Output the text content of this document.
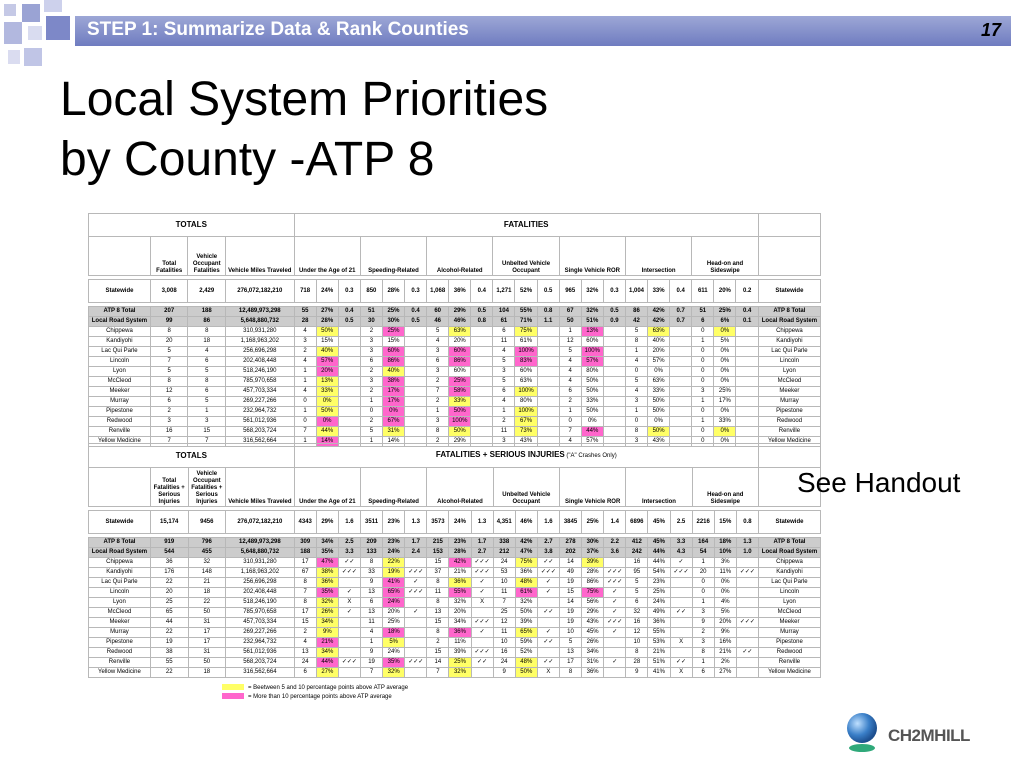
STEP 1: Summarize Data & Rank Counties	17
Local System Priorities
by County -ATP 8
TOTALS				FATALITIES																					
	Total Fatalities	Vehicle Occupant Fatalities	Vehicle Miles Traveled	Under the Age of 21			Speeding-Related			Alcohol-Related			Unbelted Vehicle Occupant			Single Vehicle ROR			Intersection			Head-on and Sideswipe			

Statewide	3,008	2,429	276,072,182,210	718	24%	0.3	850	28%	0.3	1,068	36%	0.4	1,271	52%	0.5	965	32%	0.3	1,004	33%	0.4	611	20%	0.2	Statewide

ATP 8 Total	207	188	12,489,973,298	55	27%	0.4	51	25%	0.4	60	29%	0.5	104	55%	0.8	67	32%	0.5	86	42%	0.7	51	25%	0.4	ATP 8 Total
Local Road System	99	86	5,648,880,732	28	28%	0.5	30	30%	0.5	46	46%	0.8	61	71%	1.1	50	51%	0.9	42	42%	0.7	6	6%	0.1	Local Road System
Chippewa	8	8	310,931,280	4	50%		2	25%		5	63%		6	75%		1	13%		5	63%		0	0%		Chippewa
Kandiyohi	20	18	1,168,963,202	3	15%		3	15%		4	20%		11	61%		12	60%		8	40%		1	5%		Kandiyohi
Lac Qui Parle	5	4	256,696,298	2	40%		3	60%		3	60%		4	100%		5	100%		1	20%		0	0%		Lac Qui Parle
Lincoln	7	6	202,408,448	4	57%		6	86%		6	86%		5	83%		4	57%		4	57%		0	0%		Lincoln
Lyon	5	5	518,246,190	1	20%		2	40%		3	60%		3	60%		4	80%		0	0%		0	0%		Lyon
McCleod	8	8	785,970,658	1	13%		3	38%		2	25%		5	63%		4	50%		5	63%		0	0%		McCleod
Meeker	12	6	457,703,334	4	33%		2	17%		7	58%		6	100%		6	50%		4	33%		3	25%		Meeker
Murray	6	5	269,227,266	0	0%		1	17%		2	33%		4	80%		2	33%		3	50%		1	17%		Murray
Pipestone	2	1	232,964,732	1	50%		0	0%		1	50%		1	100%		1	50%		1	50%		0	0%		Pipestone
Redwood	3	3	561,012,936	0	0%		2	67%		3	100%		2	67%		0	0%		0	0%		1	33%		Redwood
Renville	16	15	568,203,724	7	44%		5	31%		8	50%		11	73%		7	44%		8	50%		0	0%		Renville
Yellow Medicine	7	7	316,562,664	1	14%		1	14%		2	29%		3	43%		4	57%		3	43%		0	0%		Yellow Medicine
TOTALS				FATALITIES + SERIOUS INJURIES ("A" Crashes Only)																					
	Total Fatalities + Serious Injuries	Vehicle Occupant Fatalities + Serious Injuries	Vehicle Miles Traveled	Under the Age of 21			Speeding-Related			Alcohol-Related			Unbelted Vehicle Occupant			Single Vehicle ROR			Intersection			Head-on and Sideswipe			

Statewide	15,174	9456	276,072,182,210	4343	29%	1.6	3511	23%	1.3	3573	24%	1.3	4,351	46%	1.6	3845	25%	1.4	6896	45%	2.5	2216	15%	0.8	Statewide

ATP 8 Total	919	796	12,489,973,298	309	34%	2.5	209	23%	1.7	215	23%	1.7	338	42%	2.7	278	30%	2.2	412	45%	3.3	164	18%	1.3	ATP 8 Total
Local Road System	544	455	5,648,880,732	188	35%	3.3	133	24%	2.4	153	28%	2.7	212	47%	3.8	202	37%	3.6	242	44%	4.3	54	10%	1.0	Local Road System
Chippewa	36	32	310,931,280	17	47%	✓✓	8	22%		15	42%	✓✓✓	24	75%	✓✓	14	39%		16	44%	✓	1	3%		Chippewa
Kandiyohi	176	148	1,168,963,202	67	38%	✓✓✓	33	19%	✓✓✓	37	21%	✓✓✓	53	36%	✓✓✓	49	28%	✓✓✓	95	54%	✓✓✓	20	11%	✓✓✓	Kandiyohi
Lac Qui Parle	22	21	256,696,298	8	36%		9	41%	✓	8	36%	✓	10	48%	✓	19	86%	✓✓✓	5	23%		0	0%		Lac Qui Parle
Lincoln	20	18	202,408,448	7	35%	✓	13	65%	✓✓✓	11	55%	✓	11	61%	✓	15	75%	✓	5	25%		0	0%		Lincoln
Lyon	25	22	518,246,190	8	32%	X	6	24%		8	32%	X	7	32%		14	56%	✓	6	24%		1	4%		Lyon
McCleod	65	50	785,970,658	17	26%	✓	13	20%	✓	13	20%		25	50%	✓✓	19	29%	✓	32	49%	✓✓	3	5%		McCleod
Meeker	44	31	457,703,334	15	34%		11	25%		15	34%	✓✓✓	12	39%		19	43%	✓✓✓	16	36%		9	20%	✓✓✓	Meeker
Murray	22	17	269,227,266	2	9%		4	18%		8	36%	✓	11	65%	✓	10	45%	✓	12	55%		2	9%		Murray
Pipestone	19	17	232,964,732	4	21%		1	5%		2	11%		10	59%	✓✓	5	26%		10	53%	X	3	16%		Pipestone
Redwood	38	31	561,012,936	13	34%		9	24%		15	39%	✓✓✓	16	52%		13	34%		8	21%		8	21%	✓✓	Redwood
Renville	55	50	568,203,724	24	44%	✓✓✓	19	35%	✓✓✓	14	25%	✓✓	24	48%	✓✓	17	31%	✓	28	51%	✓✓	1	2%		Renville
Yellow Medicine	22	18	316,562,664	6	27%		7	32%		7	32%		9	50%	X	8	36%		9	41%	X	6	27%		Yellow Medicine
= Beetween 5 and 10 percentage points above ATP average
= More than 10 percentage points above ATP average
See Handout
CH2MHILL
